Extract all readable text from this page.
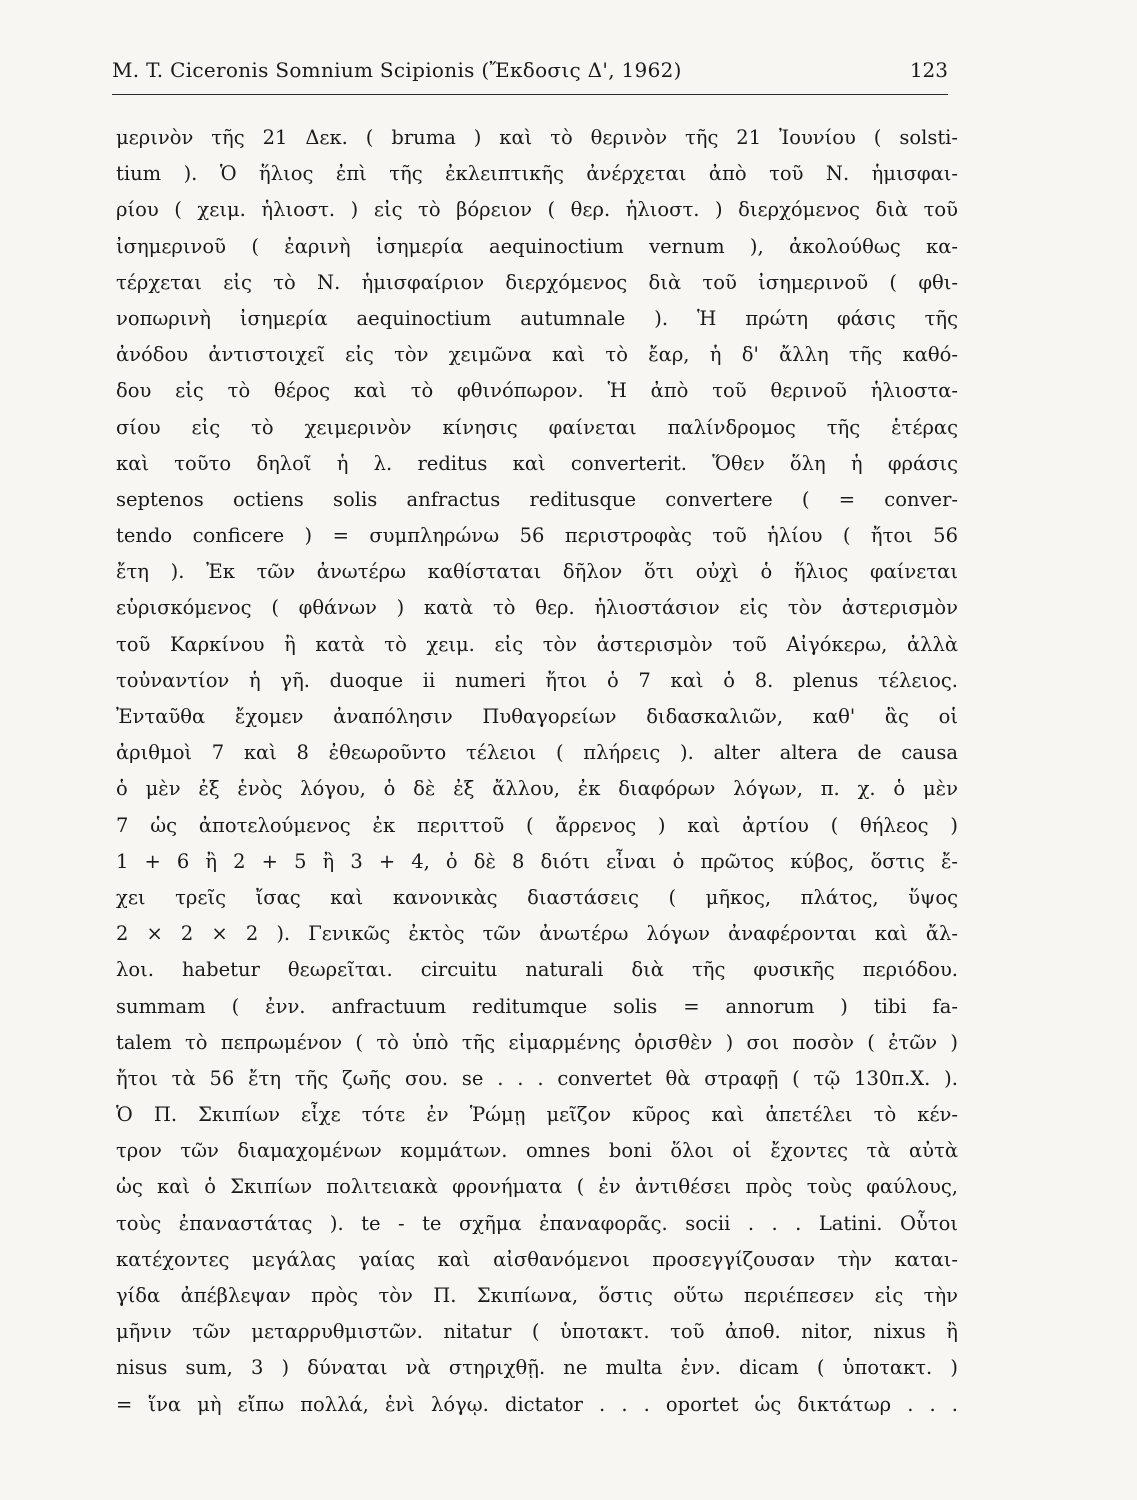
M. T. Ciceronis Somnium Scipionis (Ἔκδοσις Δ', 1962)	123
μερινὸν τῆς 21 Δεκ. ( bruma ) καὶ τὸ θερινὸν τῆς 21 Ἰουνίου ( solsti-
tium ). Ὁ ἥλιος ἐπὶ τῆς ἐκλειπτικῆς ἀνέρχεται ἀπὸ τοῦ Ν. ἡμισφαι-
ρίου ( χειμ. ἡλιοστ. ) εἰς τὸ βόρειον ( θερ. ἡλιοστ. ) διερχόμενος διὰ τοῦ
ἰσημερινοῦ ( ἐαρινὴ ἰσημερία aequinoctium vernum ), ἀκολούθως κα-
τέρχεται εἰς τὸ Ν. ἡμισφαίριον διερχόμενος διὰ τοῦ ἰσημερινοῦ ( φθι-
νοπωρινὴ ἰσημερία aequinoctium autumnale ). Ἡ πρώτη φάσις τῆς
ἀνόδου ἀντιστοιχεῖ εἰς τὸν χειμῶνα καὶ τὸ ἔαρ, ἡ δ' ἄλλη τῆς καθό-
δου εἰς τὸ θέρος καὶ τὸ φθινόπωρον. Ἡ ἀπὸ τοῦ θερινοῦ ἡλιοστα-
σίου εἰς τὸ χειμερινὸν κίνησις φαίνεται παλίνδρομος τῆς ἑτέρας
καὶ τοῦτο δηλοῖ ἡ λ. reditus καὶ converterit. Ὅθεν ὅλη ἡ φράσις
septenos octiens solis anfractus reditusque convertere ( = conver-
tendo conficere ) = συμπληρώνω 56 περιστροφὰς τοῦ ἡλίου ( ἤτοι 56
ἔτη ). Ἐκ τῶν ἀνωτέρω καθίσταται δῆλον ὅτι οὐχὶ ὁ ἥλιος φαίνεται
εὑρισκόμενος ( φθάνων ) κατὰ τὸ θερ. ἡλιοστάσιον εἰς τὸν ἀστερισμὸν
τοῦ Καρκίνου ἢ κατὰ τὸ χειμ. εἰς τὸν ἀστερισμὸν τοῦ Αἰγόκερω, ἀλλὰ
τοὐναντίον ἡ γῆ. duoque ii numeri ἤτοι ὁ 7 καὶ ὁ 8. plenus τέλειος.
Ἐνταῦθα ἔχομεν ἀναπόλησιν Πυθαγορείων διδασκαλιῶν, καθ' ἃς οἱ
ἀριθμοὶ 7 καὶ 8 ἐθεωροῦντο τέλειοι ( πλήρεις ). alter altera de causa
ὁ μὲν ἐξ ἑνὸς λόγου, ὁ δὲ ἐξ ἄλλου, ἐκ διαφόρων λόγων, π. χ. ὁ μὲν
7 ὡς ἀποτελούμενος ἐκ περιττοῦ ( ἄρρενος ) καὶ ἀρτίου ( θήλεος )
1 + 6 ἢ 2 + 5 ἢ 3 + 4, ὁ δὲ 8 διότι εἶναι ὁ πρῶτος κύβος, ὅστις ἔ-
χει τρεῖς ἴσας καὶ κανονικὰς διαστάσεις ( μῆκος, πλάτος, ὕψος
2 × 2 × 2 ). Γενικῶς ἐκτὸς τῶν ἀνωτέρω λόγων ἀναφέρονται καὶ ἄλ-
λοι. habetur θεωρεῖται. circuitu naturali διὰ τῆς φυσικῆς περιόδου.
summam ( ἐνν. anfractuum reditumque solis = annorum ) tibi fa-
talem τὸ πεπρωμένον ( τὸ ὑπὸ τῆς εἱμαρμένης ὁρισθὲν ) σοι ποσὸν ( ἐτῶν )
ἤτοι τὰ 56 ἔτη τῆς ζωῆς σου. se . . . convertet θὰ στραφῇ ( τῷ 130π.Χ. ).
Ὁ Π. Σκιπίων εἶχε τότε ἐν Ῥώμῃ μεῖζον κῦρος καὶ ἀπετέλει τὸ κέν-
τρον τῶν διαμαχομένων κομμάτων. omnes boni ὅλοι οἱ ἔχοντες τὰ αὐτὰ
ὡς καὶ ὁ Σκιπίων πολιτειακὰ φρονήματα ( ἐν ἀντιθέσει πρὸς τοὺς φαύλους,
τοὺς ἐπαναστάτας ). te - te σχῆμα ἐπαναφορᾶς. socii . . . Latini. Οὗτοι
κατέχοντες μεγάλας γαίας καὶ αἰσθανόμενοι προσεγγίζουσαν τὴν καται-
γίδα ἀπέβλεψαν πρὸς τὸν Π. Σκιπίωνα, ὅστις οὕτω περιέπεσεν εἰς τὴν
μῆνιν τῶν μεταρρυθμιστῶν. nitatur ( ὑποτακτ. τοῦ ἀποθ. nitor, nixus ἢ
nisus sum, 3 ) δύναται νὰ στηριχθῇ. ne multa ἐνν. dicam ( ὑποτακτ. )
= ἵνα μὴ εἴπω πολλά, ἑνὶ λόγῳ. dictator . . . oportet ὡς δικτάτωρ . . .
